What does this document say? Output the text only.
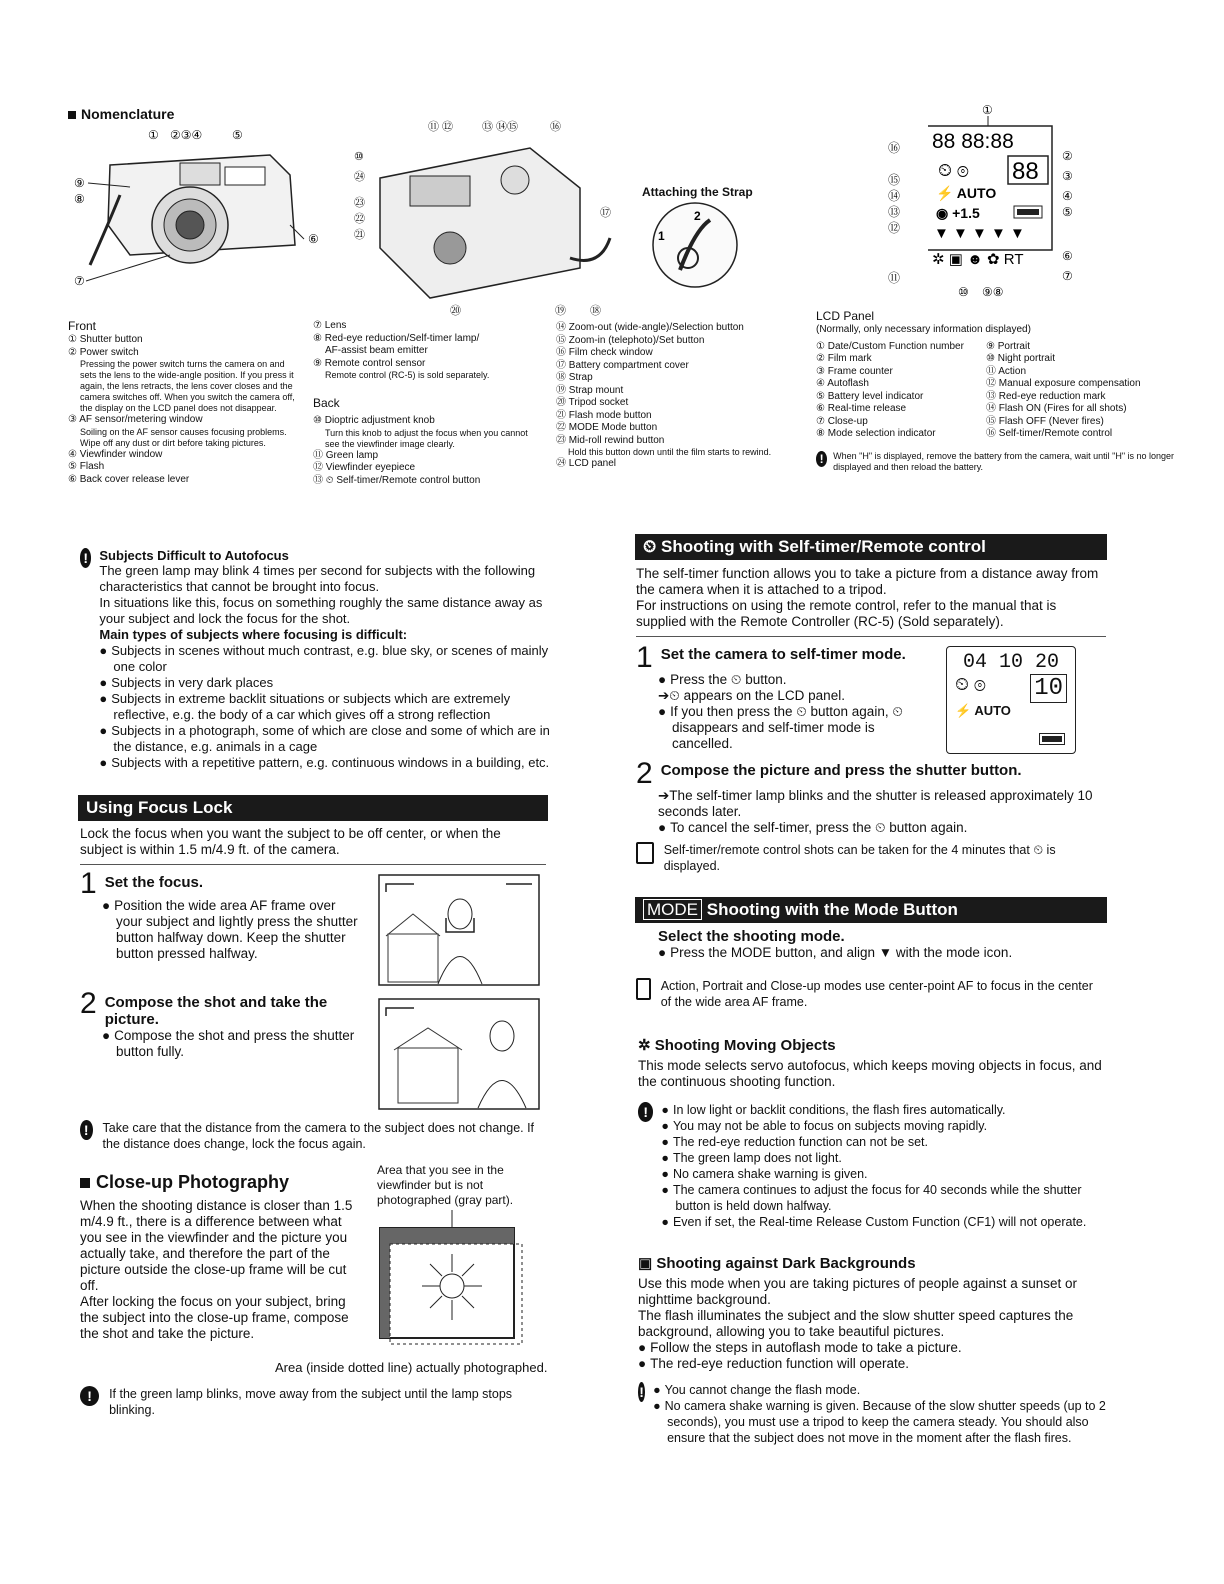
Nomenclature
① ②③④ ⑤
⑨
⑧
⑦
⑥
⑪ ⑫	⑬ ⑭⑮	⑯
⑩
㉔
㉓
㉒
㉑
⑰
⑳	⑲ ⑱
Attaching the Strap
1
2
①
88 88:88
⏲ ⊚ 88
⚡ AUTO
◉ +1.5
▼ ▼ ▼ ▼ ▼
✲ ▣ ☻ ✿ RT
⑯
⑮
⑭
⑬
⑫
⑪
②
③
④
⑤
⑥
⑦
⑩ ⑨⑧
Front
① Shutter button
② Power switch
Pressing the power switch turns the camera on and sets the lens to the wide-angle position. If you press it again, the lens retracts, the lens cover closes and the camera switches off. When you switch the camera off, the display on the LCD panel does not disappear.
③ AF sensor/metering window
Soiling on the AF sensor causes focusing problems. Wipe off any dust or dirt before taking pictures.
④ Viewfinder window
⑤ Flash
⑥ Back cover release lever
⑦ Lens
⑧ Red-eye reduction/Self-timer lamp/
AF-assist beam emitter
⑨ Remote control sensor
Remote control (RC-5) is sold separately.
Back
⑩ Dioptric adjustment knob
Turn this knob to adjust the focus when you cannot see the viewfinder image clearly.
⑪ Green lamp
⑫ Viewfinder eyepiece
⑬ ⏲ Self-timer/Remote control button
⑭ Zoom-out (wide-angle)/Selection button
⑮ Zoom-in (telephoto)/Set button
⑯ Film check window
⑰ Battery compartment cover
⑱ Strap
⑲ Strap mount
⑳ Tripod socket
㉑ Flash mode button
㉒ MODE Mode button
㉓ Mid-roll rewind button
Hold this button down until the film starts to rewind.
㉔ LCD panel
LCD Panel
(Normally, only necessary information displayed)
① Date/Custom Function number
② Film mark
③ Frame counter
④ Autoflash
⑤ Battery level indicator
⑥ Real-time release
⑦ Close-up
⑧ Mode selection indicator
⑨ Portrait
⑩ Night portrait
⑪ Action
⑫ Manual exposure compensation
⑬ Red-eye reduction mark
⑭ Flash ON (Fires for all shots)
⑮ Flash OFF (Never fires)
⑯ Self-timer/Remote control
!	When "H" is displayed, remove the battery from the camera, wait until "H" is no longer displayed and then reload the battery.
! Subjects Difficult to Autofocus
The green lamp may blink 4 times per second for subjects with the following characteristics that cannot be brought into focus.
In situations like this, focus on something roughly the same distance away as your subject and lock the focus for the shot.
Main types of subjects where focusing is difficult:
● Subjects in scenes without much contrast, e.g. blue sky, or scenes of mainly one color
● Subjects in very dark places
● Subjects in extreme backlit situations or subjects which are extremely reflective, e.g. the body of a car which gives off a strong reflection
● Subjects in a photograph, some of which are close and some of which are in the distance, e.g. animals in a cage
● Subjects with a repetitive pattern, e.g. continuous windows in a building, etc.
Using Focus Lock
Lock the focus when you want the subject to be off center, or when the subject is within 1.5 m/4.9 ft. of the camera.
1 Set the focus.
● Position the wide area AF frame over your subject and lightly press the shutter button halfway down. Keep the shutter button pressed halfway.
2 Compose the shot and take the picture.
● Compose the shot and press the shutter button fully.
!	Take care that the distance from the camera to the subject does not change. If the distance does change, lock the focus again.
Close-up Photography
When the shooting distance is closer than 1.5 m/4.9 ft., there is a difference between what you see in the viewfinder and the picture you actually take, and therefore the part of the picture outside the close-up frame will be cut off.
After locking the focus on your subject, bring the subject into the close-up frame, compose the shot and take the picture.
Area that you see in the viewfinder but is not photographed (gray part).
Area (inside dotted line) actually photographed.
!	If the green lamp blinks, move away from the subject until the lamp stops blinking.
⏲ Shooting with Self-timer/Remote control
The self-timer function allows you to take a picture from a distance away from the camera when it is attached to a tripod.
For instructions on using the remote control, refer to the manual that is supplied with the Remote Controller (RC-5) (Sold separately).
1 Set the camera to self-timer mode.
● Press the ⏲ button.
➔⏲ appears on the LCD panel.
● If you then press the ⏲ button again, ⏲ disappears and self-timer mode is cancelled.
04 10 20
⏲ ⊚ 10
⚡ AUTO
2 Compose the picture and press the shutter button.
➔The self-timer lamp blinks and the shutter is released approximately 10 seconds later.
● To cancel the self-timer, press the ⏲ button again.
Self-timer/remote control shots can be taken for the 4 minutes that ⏲ is displayed.
MODE Shooting with the Mode Button
Select the shooting mode.
● Press the MODE button, and align ▼ with the mode icon.
Action, Portrait and Close-up modes use center-point AF to focus in the center of the wide area AF frame.
✲ Shooting Moving Objects
This mode selects servo autofocus, which keeps moving objects in focus, and the continuous shooting function.
!	● In low light or backlit conditions, the flash fires automatically.
● You may not be able to focus on subjects moving rapidly.
● The red-eye reduction function can not be set.
● The green lamp does not light.
● No camera shake warning is given.
● The camera continues to adjust the focus for 40 seconds while the shutter button is held down halfway.
● Even if set, the Real-time Release Custom Function (CF1) will not operate.
▣ Shooting against Dark Backgrounds
Use this mode when you are taking pictures of people against a sunset or nighttime background.
The flash illuminates the subject and the slow shutter speed captures the background, allowing you to take beautiful pictures.
● Follow the steps in autoflash mode to take a picture.
● The red-eye reduction function will operate.
!	● You cannot change the flash mode.
● No camera shake warning is given. Because of the slow shutter speeds (up to 2 seconds), you must use a tripod to keep the camera steady. You should also ensure that the subject does not move in the moment after the flash fires.
